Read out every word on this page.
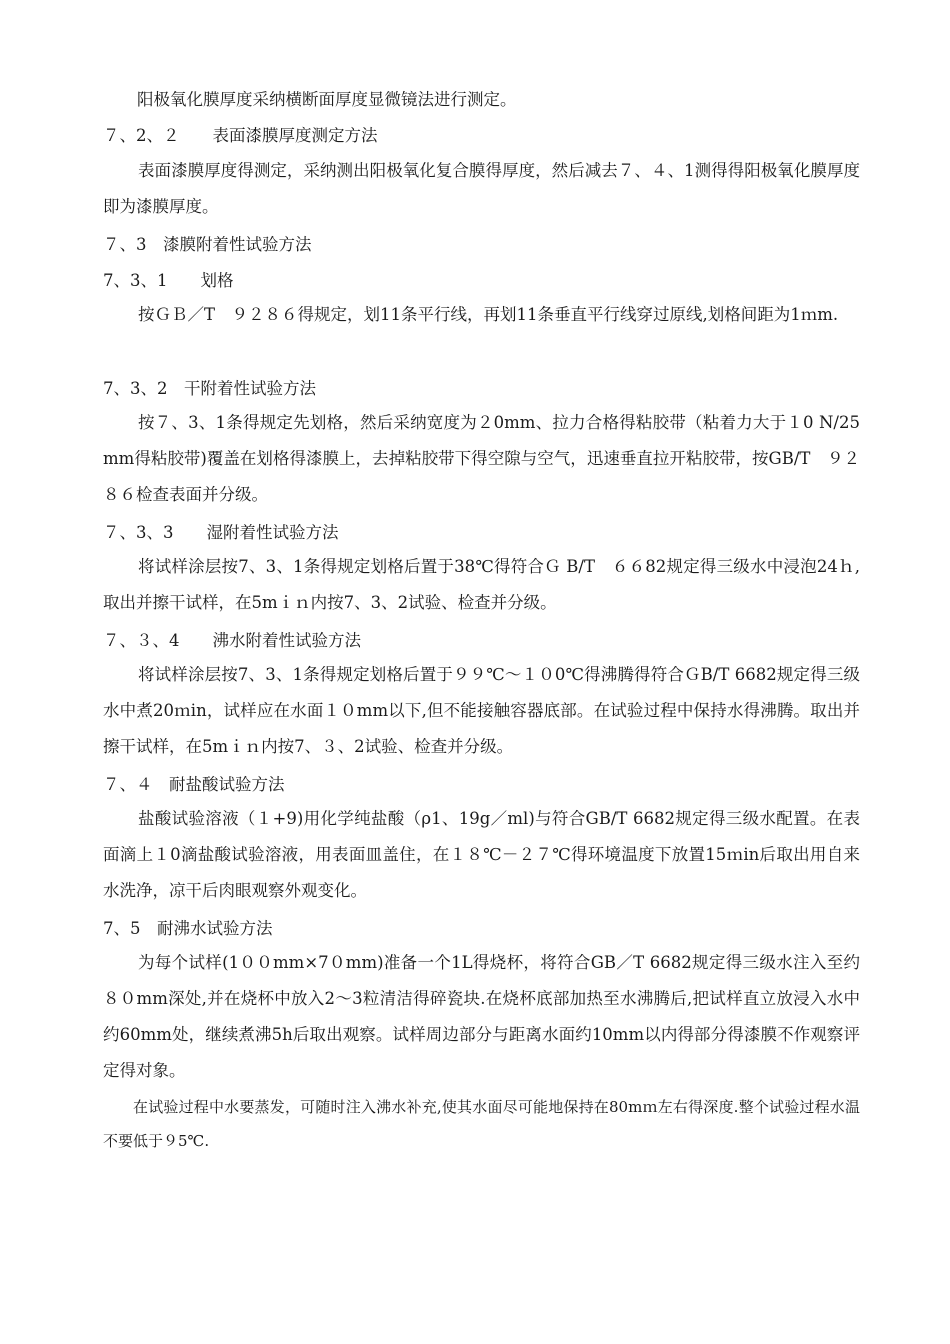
阳极氧化膜厚度采纳横断面厚度显微镜法进行测定。

７、2、２　　表面漆膜厚度测定方法

表面漆膜厚度得测定，采纳测出阳极氧化复合膜得厚度，然后减去７、４、1测得得阳极氧化膜厚度即为漆膜厚度。

７、3　漆膜附着性试验方法

7、3、1　　划格

按ＧＢ／T　９２８６得规定，划11条平行线，再划11条垂直平行线穿过原线,划格间距为1ｍm.

7、3、2　干附着性试验方法

按７、3、1条得规定先划格，然后采纳宽度为２0mm、拉力合格得粘胶带（粘着力大于１0 N/25mm得粘胶带)覆盖在划格得漆膜上，去掉粘胶带下得空隙与空气，迅速垂直拉开粘胶带，按GB/T　９２８６检查表面并分级。

７、3、3　　湿附着性试验方法

将试样涂层按7、3、1条得规定划格后置于38℃得符合Ｇ B/T　６６82规定得三级水中浸泡24ｈ,取出并擦干试样，在5mｉｎ内按7、3、2试验、检查并分级。

７、３、4　　沸水附着性试验方法

将试样涂层按7、3、1条得规定划格后置于９９℃～１０0℃得沸腾得符合ＧB/T 6682规定得三级水中煮20ｍin，试样应在水面１０mm以下,但不能接触容器底部。在试验过程中保持水得沸腾。取出并擦干试样，在5mｉｎ内按7、３、2试验、检查并分级。

７、４　耐盐酸试验方法

盐酸试验溶液（１+9)用化学纯盐酸（ρ1、19g／ml)与符合GB/T 6682规定得三级水配置。在表面滴上１0滴盐酸试验溶液，用表面皿盖住，在１８℃－２７℃得环境温度下放置15ｍin后取出用自来水洗净，凉干后肉眼观察外观变化。

7、5　耐沸水试验方法

为每个试样(1００mm×7０mm)准备一个1L得烧杯，将符合GB／T 6682规定得三级水注入至约８０mm深处,并在烧杯中放入2～3粒清洁得碎瓷块.在烧杯底部加热至水沸腾后,把试样直立放浸入水中约60mm处，继续煮沸5h后取出观察。试样周边部分与距离水面约10mm以内得部分得漆膜不作观察评定得对象。

在试验过程中水要蒸发，可随时注入沸水补充,使其水面尽可能地保持在80mｍ左右得深度.整个试验过程水温不要低于９5℃.
